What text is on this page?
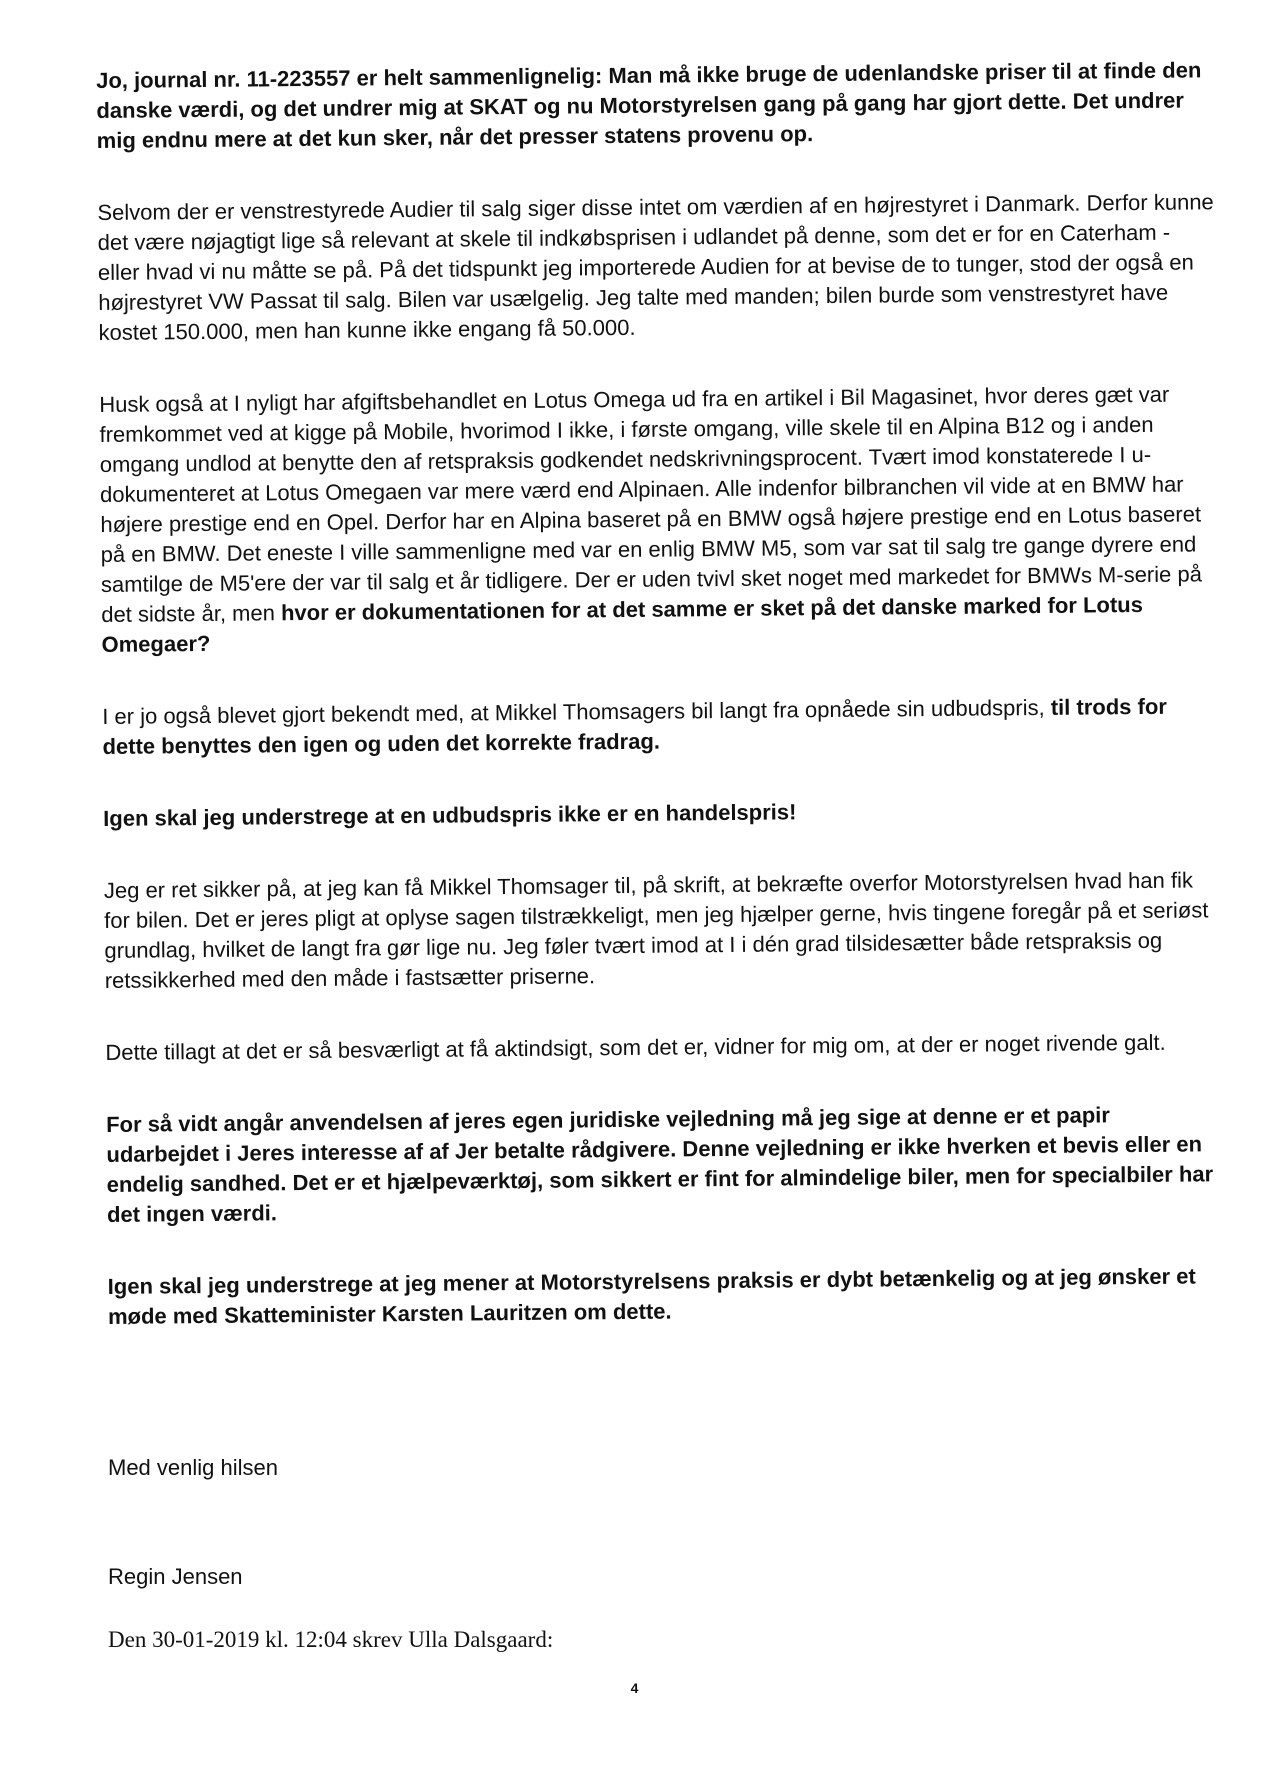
Jo, journal nr. 11-223557 er helt sammenlignelig: Man må ikke bruge de udenlandske priser til at finde den danske værdi, og det undrer mig at SKAT og nu Motorstyrelsen gang på gang har gjort dette. Det undrer mig endnu mere at det kun sker, når det presser statens provenu op.

Selvom der er venstrestyrede Audier til salg siger disse intet om værdien af en højrestyret i Danmark. Derfor kunne det være nøjagtigt lige så relevant at skele til indkøbsprisen i udlandet på denne, som det er for en Caterham - eller hvad vi nu måtte se på. På det tidspunkt jeg importerede Audien for at bevise de to tunger, stod der også en højrestyret VW Passat til salg. Bilen var usælgelig. Jeg talte med manden; bilen burde som venstrestyret have kostet 150.000, men han kunne ikke engang få 50.000.

Husk også at I nyligt har afgiftsbehandlet en Lotus Omega ud fra en artikel i Bil Magasinet, hvor deres gæt var fremkommet ved at kigge på Mobile, hvorimod I ikke, i første omgang, ville skele til en Alpina B12 og i anden omgang undlod at benytte den af retspraksis godkendet nedskrivningsprocent. Tvært imod konstaterede I u-dokumenteret at Lotus Omegaen var mere værd end Alpinaen. Alle indenfor bilbranchen vil vide at en BMW har højere prestige end en Opel. Derfor har en Alpina baseret på en BMW også højere prestige end en Lotus baseret på en BMW. Det eneste I ville sammenligne med var en enlig BMW M5, som var sat til salg tre gange dyrere end samtilge de M5'ere der var til salg et år tidligere. Der er uden tvivl sket noget med markedet for BMWs M-serie på det sidste år, men hvor er dokumentationen for at det samme er sket på det danske marked for Lotus Omegaer?

I er jo også blevet gjort bekendt med, at Mikkel Thomsagers bil langt fra opnåede sin udbudspris, til trods for dette benyttes den igen og uden det korrekte fradrag.

Igen skal jeg understrege at en udbudspris ikke er en handelspris!

Jeg er ret sikker på, at jeg kan få Mikkel Thomsager til, på skrift, at bekræfte overfor Motorstyrelsen hvad han fik for bilen. Det er jeres pligt at oplyse sagen tilstrækkeligt, men jeg hjælper gerne, hvis tingene foregår på et seriøst grundlag, hvilket de langt fra gør lige nu. Jeg føler tvært imod at I i dén grad tilsidesætter både retspraksis og retssikkerhed med den måde i fastsætter priserne.

Dette tillagt at det er så besværligt at få aktindsigt, som det er, vidner for mig om, at der er noget rivende galt.

For så vidt angår anvendelsen af jeres egen juridiske vejledning må jeg sige at denne er et papir udarbejdet i Jeres interesse af af Jer betalte rådgivere. Denne vejledning er ikke hverken et bevis eller en endelig sandhed. Det er et hjælpeværktøj, som sikkert er fint for almindelige biler, men for specialbiler har det ingen værdi.

Igen skal jeg understrege at jeg mener at Motorstyrelsens praksis er dybt betænkelig og at jeg ønsker et møde med Skatteminister Karsten Lauritzen om dette.

Med venlig hilsen
Regin Jensen
Den 30-01-2019 kl. 12:04 skrev Ulla Dalsgaard:
4
